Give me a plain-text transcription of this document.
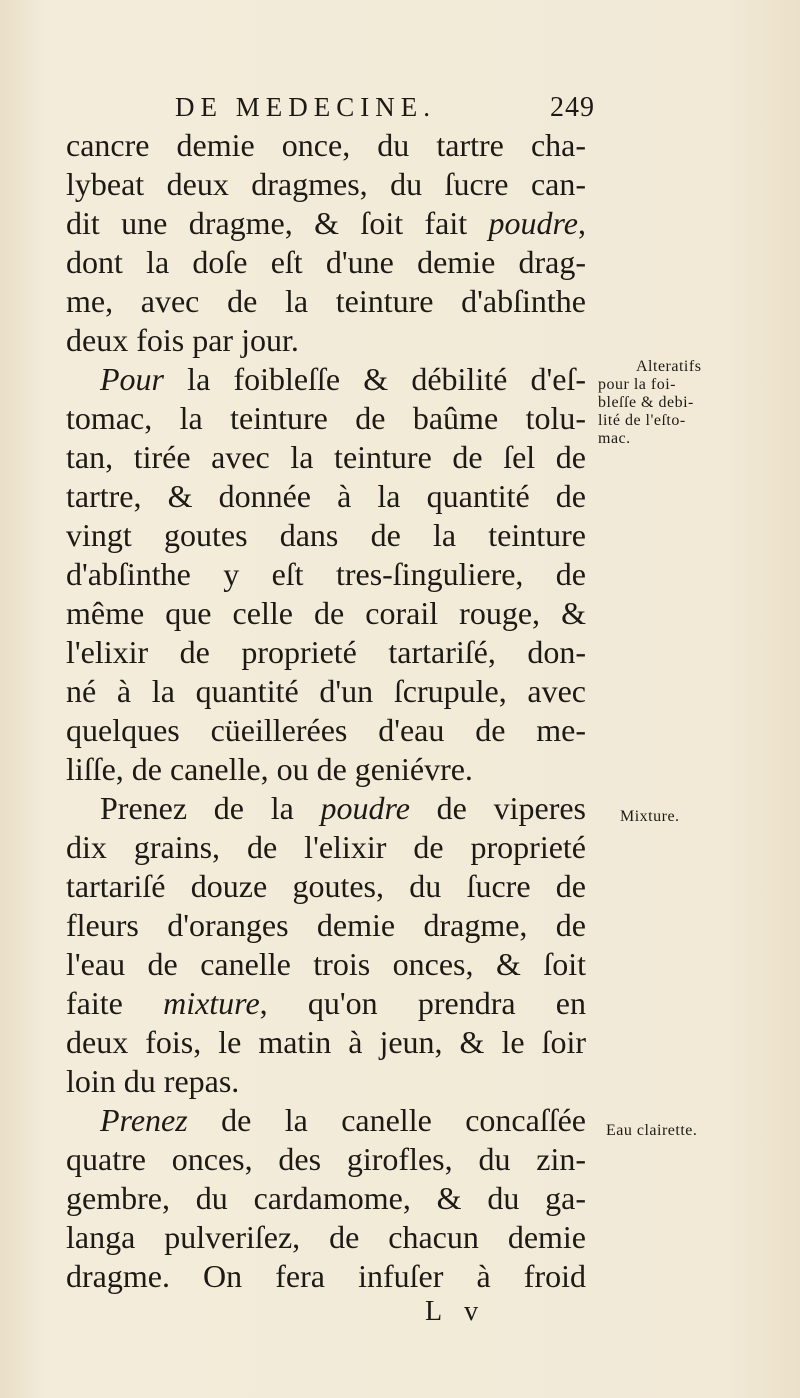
DE MEDECINE.	249
cancre demie once, du tartre cha-
lybeat deux dragmes, du ſucre can-
dit une dragme, & ſoit fait poudre,
dont la doſe eſt d'une demie drag-
me, avec de la teinture d'abſinthe
deux fois par jour.
Pour la foibleſſe & débilité d'eſ-
tomac, la teinture de baûme tolu-
tan, tirée avec la teinture de ſel de
tartre, & donnée à la quantité de
vingt goutes dans de la teinture
d'abſinthe y eſt tres-ſinguliere, de
même que celle de corail rouge, &
l'elixir de proprieté tartariſé, don-
né à la quantité d'un ſcrupule, avec
quelques cüeillerées d'eau de me-
liſſe, de canelle, ou de geniévre.
Prenez de la poudre de viperes
dix grains, de l'elixir de proprieté
tartariſé douze goutes, du ſucre de
fleurs d'oranges demie dragme, de
l'eau de canelle trois onces, & ſoit
faite mixture, qu'on prendra en
deux fois, le matin à jeun, & le ſoir
loin du repas.
Prenez de la canelle concaſſée
quatre onces, des girofles, du zin-
gembre, du cardamome, & du ga-
langa pulveriſez, de chacun demie
dragme. On fera infuſer à froid
Alteratifs
pour la foi-
bleſſe & debi-
lité de l'eſto-
mac.
Mixture.
Eau clairette.
L v
